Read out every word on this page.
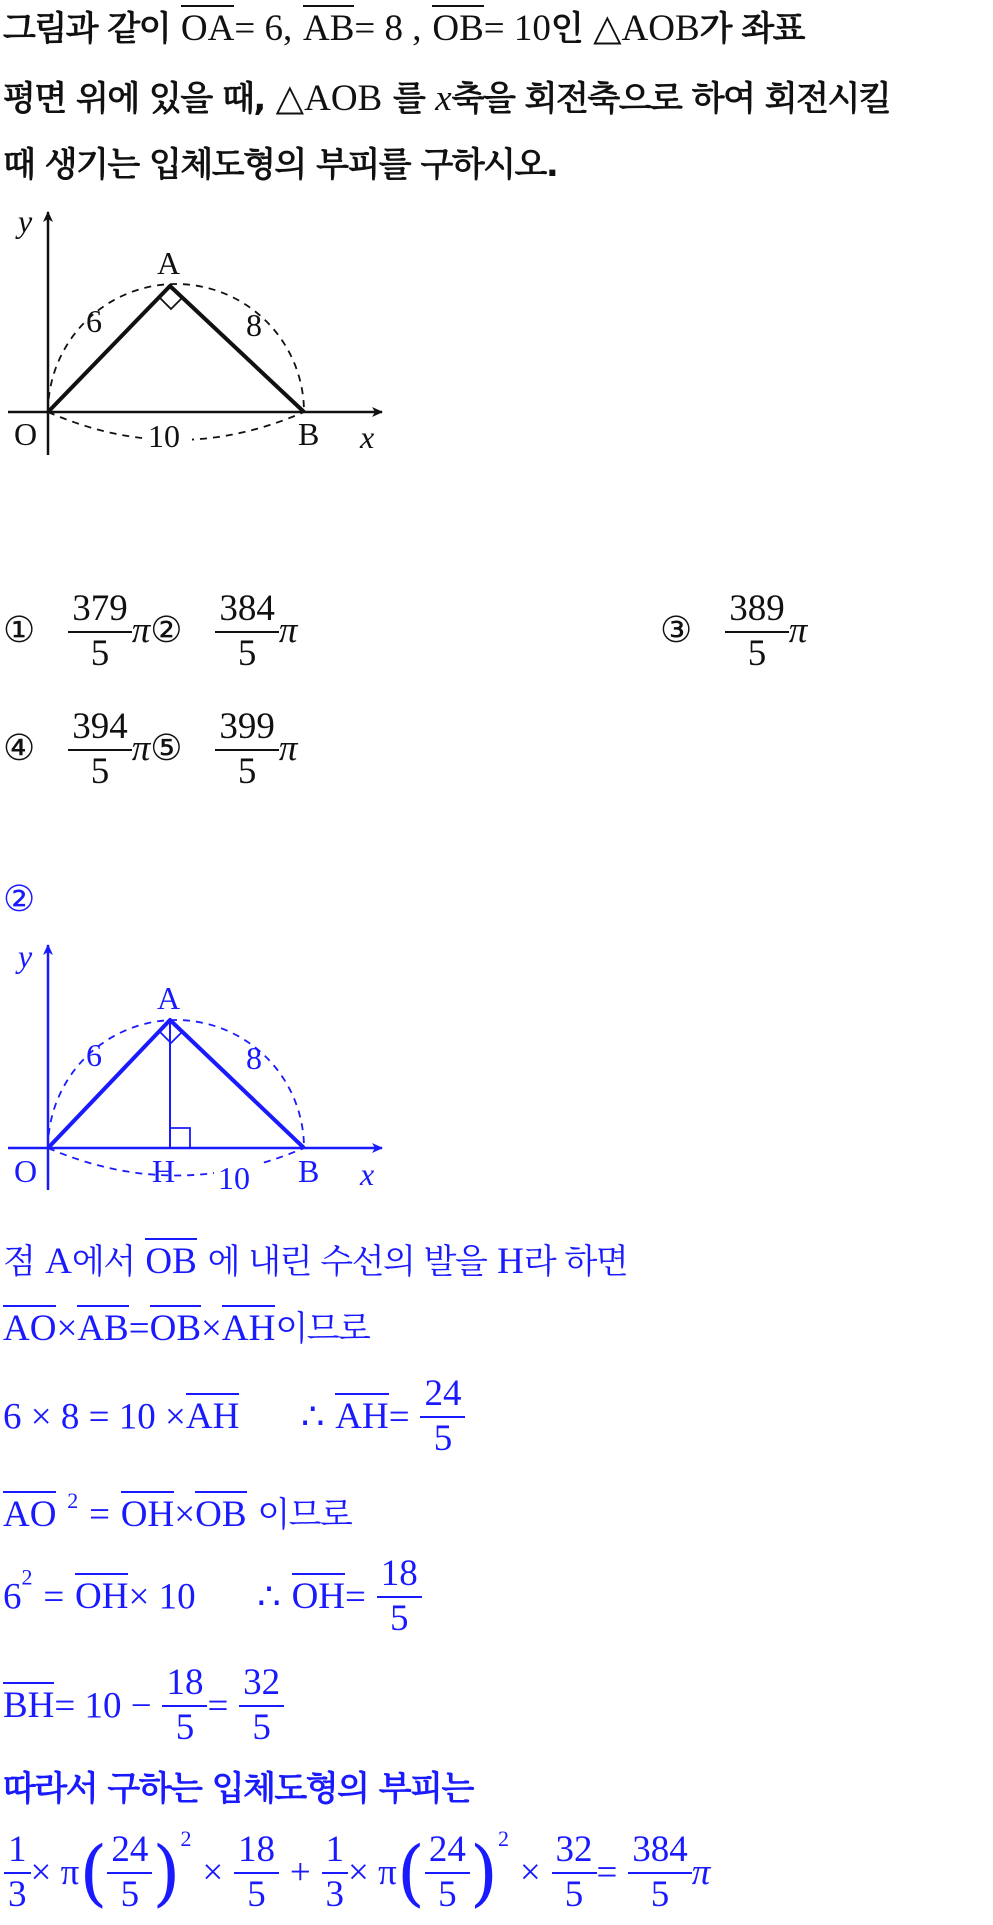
그림과 같이 OA= 6, AB= 8 , OB= 10인 △AOB가 좌표
평면 위에 있을 때, △AOB 를 x축을 회전축으로 하여 회전시킬
때 생기는 입체도형의 부피를 구하시오.
y
x
O
A
B
6	8
10
① $\frac{379}{5}$ π② $\frac{384}{5}$ π	③ $\frac{389}{5}$ π
④ $\frac{394}{5}$ π⑤ $\frac{399}{5}$ π
②
y
x
O
A
H	B
6	8
10
점 A에서 OB 에 내린 수선의 발을 H라 하면
AO×AB=OB×AH이므로
6 × 8 = 10 ×AH ∴ $AH= \frac{24}{5}$
AO $^2$ = OH×OB 이므로
$6^2 = OH\times 10$ ∴ $OH= \frac{18}{5}$
$BH= 10 - \frac{18}{5} = \frac{32}{5}$
따라서 구하는 입체도형의 부피는
$\frac{1}{3} \times \pi( \frac{24}{5} )^2 \times \frac{18}{5} + \frac{1}{3} \times \pi( \frac{24}{5} )^2 \times \frac{32}{5} = \frac{384}{5}$ π
